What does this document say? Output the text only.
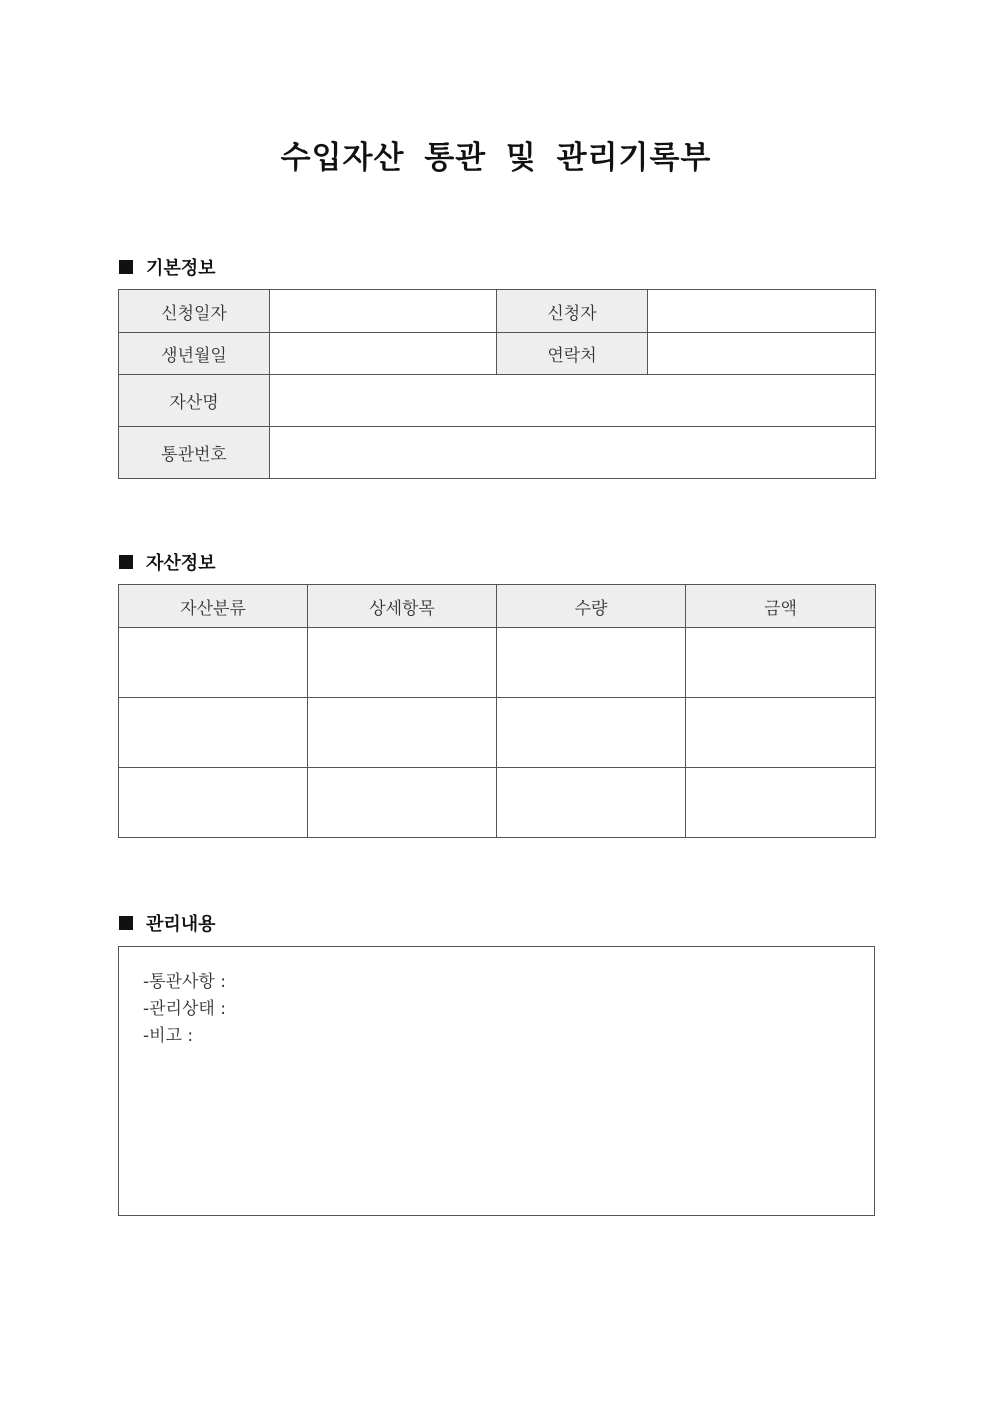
수입자산 통관 및 관리기록부
기본정보
신청일자		신청자	
생년월일		연락처	
자산명			
통관번호			
자산정보
자산분류	상세항목	수량	금액

관리내용
-통관사항 :
-관리상태 :
-비고 :
